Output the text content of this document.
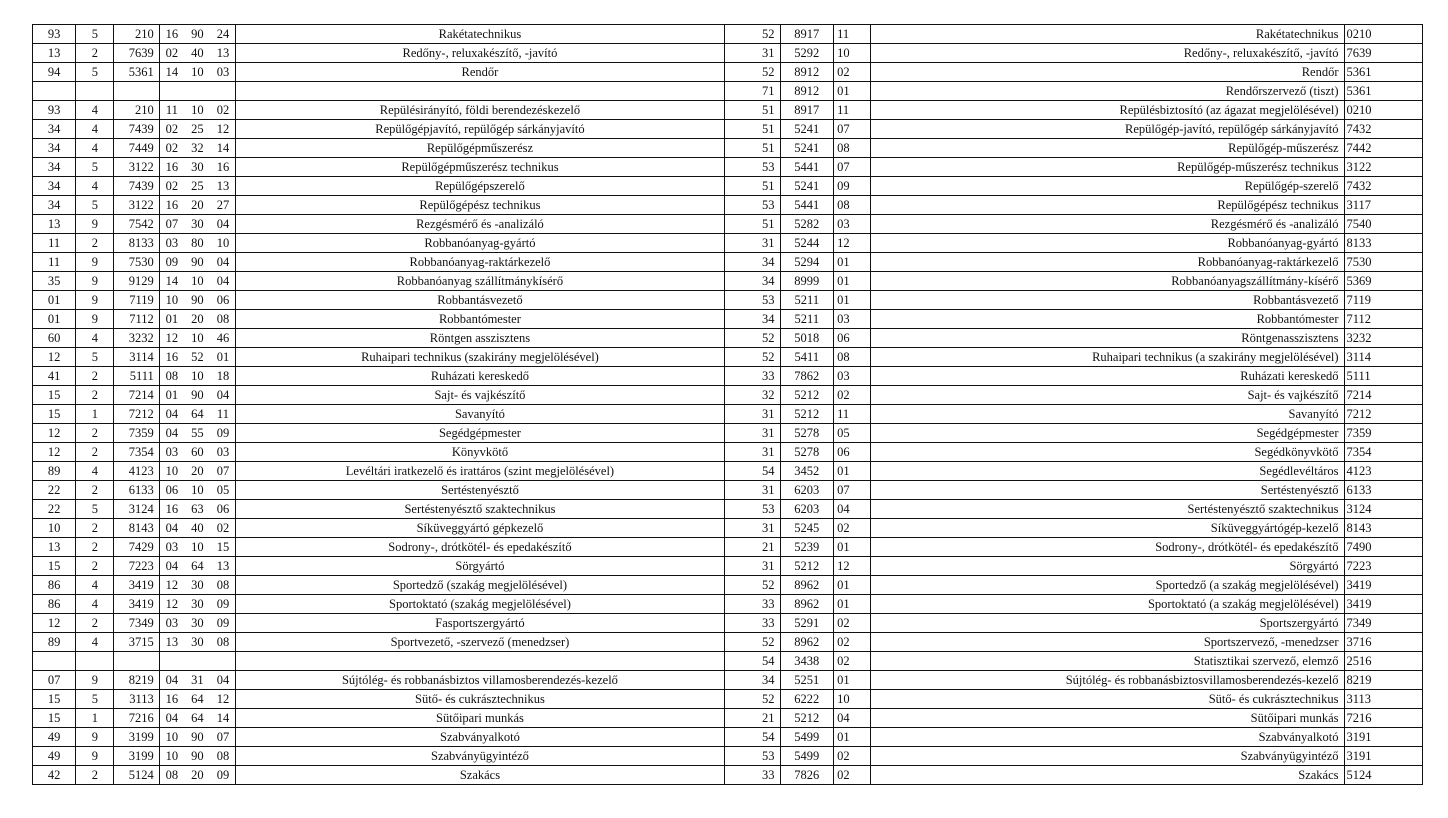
93	5	210	16	90	24	Rakétatechnikus	52	8917	11	Rakétatechnikus	0210
13	2	7639	02	40	13	Redőny-, reluxakészítő, -javító	31	5292	10	Redőny-, reluxakészítő, -javító	7639
94	5	5361	14	10	03	Rendőr	52	8912	02	Rendőr	5361
							71	8912	01	Rendőrszervező (tiszt)	5361
93	4	210	11	10	02	Repülésirányító, földi berendezéskezelő	51	8917	11	Repülésbiztosító (az ágazat megjelölésével)	0210
34	4	7439	02	25	12	Repülőgépjavító, repülőgép sárkányjavító	51	5241	07	Repülőgép-javító, repülőgép sárkányjavító	7432
34	4	7449	02	32	14	Repülőgépműszerész	51	5241	08	Repülőgép-műszerész	7442
34	5	3122	16	30	16	Repülőgépműszerész technikus	53	5441	07	Repülőgép-műszerész technikus	3122
34	4	7439	02	25	13	Repülőgépszerelő	51	5241	09	Repülőgép-szerelő	7432
34	5	3122	16	20	27	Repülőgépész technikus	53	5441	08	Repülőgépész technikus	3117
13	9	7542	07	30	04	Rezgésmérő és -analizáló	51	5282	03	Rezgésmérő és -analizáló	7540
11	2	8133	03	80	10	Robbanóanyag-gyártó	31	5244	12	Robbanóanyag-gyártó	8133
11	9	7530	09	90	04	Robbanóanyag-raktárkezelő	34	5294	01	Robbanóanyag-raktárkezelő	7530
35	9	9129	14	10	04	Robbanóanyag szállítmánykísérő	34	8999	01	Robbanóanyagszállítmány-kísérő	5369
01	9	7119	10	90	06	Robbantásvezető	53	5211	01	Robbantásvezető	7119
01	9	7112	01	20	08	Robbantómester	34	5211	03	Robbantómester	7112
60	4	3232	12	10	46	Röntgen asszisztens	52	5018	06	Röntgenasszisztens	3232
12	5	3114	16	52	01	Ruhaipari technikus (szakirány megjelölésével)	52	5411	08	Ruhaipari technikus (a szakirány megjelölésével)	3114
41	2	5111	08	10	18	Ruházati kereskedő	33	7862	03	Ruházati kereskedő	5111
15	2	7214	01	90	04	Sajt- és vajkészítő	32	5212	02	Sajt- és vajkészítő	7214
15	1	7212	04	64	11	Savanyító	31	5212	11	Savanyító	7212
12	2	7359	04	55	09	Segédgépmester	31	5278	05	Segédgépmester	7359
12	2	7354	03	60	03	Könyvkötő	31	5278	06	Segédkönyvkötő	7354
89	4	4123	10	20	07	Levéltári iratkezelő és irattáros (szint megjelölésével)	54	3452	01	Segédlevéltáros	4123
22	2	6133	06	10	05	Sertéstenyésztő	31	6203	07	Sertéstenyésztő	6133
22	5	3124	16	63	06	Sertéstenyésztő szaktechnikus	53	6203	04	Sertéstenyésztő szaktechnikus	3124
10	2	8143	04	40	02	Síküveggyártó gépkezelő	31	5245	02	Síküveggyártógép-kezelő	8143
13	2	7429	03	10	15	Sodrony-, drótkötél- és epedakészítő	21	5239	01	Sodrony-, drótkötél- és epedakészítő	7490
15	2	7223	04	64	13	Sörgyártó	31	5212	12	Sörgyártó	7223
86	4	3419	12	30	08	Sportedző (szakág megjelölésével)	52	8962	01	Sportedző (a szakág megjelölésével)	3419
86	4	3419	12	30	09	Sportoktató (szakág megjelölésével)	33	8962	01	Sportoktató (a szakág megjelölésével)	3419
12	2	7349	03	30	09	Fasportszergyártó	33	5291	02	Sportszergyártó	7349
89	4	3715	13	30	08	Sportvezető, -szervező (menedzser)	52	8962	02	Sportszervező, -menedzser	3716
							54	3438	02	Statisztikai szervező, elemző	2516
07	9	8219	04	31	04	Sújtólég- és robbanásbiztos villamosberendezés-kezelő	34	5251	01	Sújtólég- és robbanásbiztosvillamosberendezés-kezelő	8219
15	5	3113	16	64	12	Sütő- és cukrásztechnikus	52	6222	10	Sütő- és cukrásztechnikus	3113
15	1	7216	04	64	14	Sütőipari munkás	21	5212	04	Sütőipari munkás	7216
49	9	3199	10	90	07	Szabványalkotó	54	5499	01	Szabványalkotó	3191
49	9	3199	10	90	08	Szabványügyintéző	53	5499	02	Szabványügyintéző	3191
42	2	5124	08	20	09	Szakács	33	7826	02	Szakács	5124
